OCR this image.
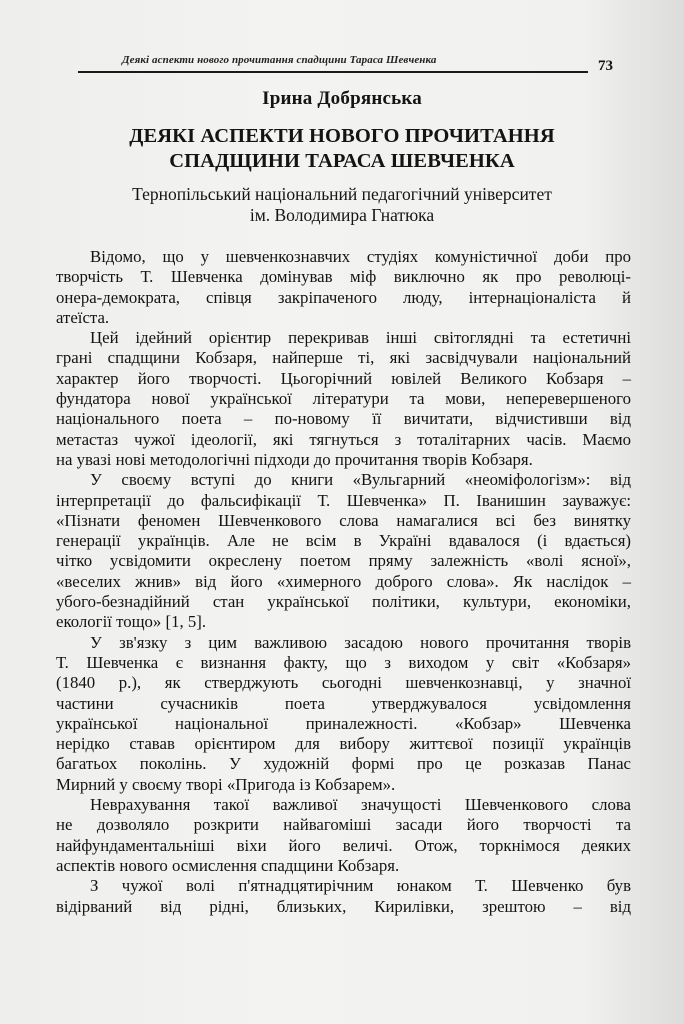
Деякі аспекти нового прочитання спадщини Тараса Шевченка	73
Ірина Добрянська
ДЕЯКІ АСПЕКТИ НОВОГО ПРОЧИТАННЯ
СПАДЩИНИ ТАРАСА ШЕВЧЕНКА
Тернопільський національний педагогічний університет
ім. Володимира Гнатюка
Відомо, що у шевченкознавчих студіях комуністичної доби про
творчість Т. Шевченка домінував міф виключно як про революці-
онера-демократа, співця закріпаченого люду, інтернаціоналіста й
атеїста.
Цей ідейний орієнтир перекривав інші світоглядні та естетичні
грані спадщини Кобзаря, найперше ті, які засвідчували національний
характер його творчості. Цьогорічний ювілей Великого Кобзаря –
фундатора нової української літератури та мови, неперевершеного
національного поета – по-новому її вичитати, відчистивши від
метастаз чужої ідеології, які тягнуться з тоталітарних часів. Маємо
на увазі нові методологічні підходи до прочитання творів Кобзаря.
У своєму вступі до книги «Вульгарний «неоміфологізм»: від
інтерпретації до фальсифікації Т. Шевченка» П. Іванишин зауважує:
«Пізнати феномен Шевченкового слова намагалися всі без винятку
генерації українців. Але не всім в Україні вдавалося (і вдається)
чітко усвідомити окреслену поетом пряму залежність «волі ясної»,
«веселих жнив» від його «химерного доброго слова». Як наслідок –
убого-безнадійний стан української політики, культури, економіки,
екології тощо» [1, 5].
У зв'язку з цим важливою засадою нового прочитання творів
Т. Шевченка є визнання факту, що з виходом у світ «Кобзаря»
(1840 р.), як стверджують сьогодні шевченкознавці, у значної
частини сучасників поета утверджувалося усвідомлення
української національної приналежності. «Кобзар» Шевченка
нерідко ставав орієнтиром для вибору життєвої позиції українців
багатьох поколінь. У художній формі про це розказав Панас
Мирний у своєму творі «Пригода із Кобзарем».
Неврахування такої важливої значущості Шевченкового слова
не дозволяло розкрити найвагоміші засади його творчості та
найфундаментальніші віхи його величі. Отож, торкнімося деяких
аспектів нового осмислення спадщини Кобзаря.
З чужої волі п'ятнадцятирічним юнаком Т. Шевченко був
відірваний від рідні, близьких, Кирилівки, зрештою – від
